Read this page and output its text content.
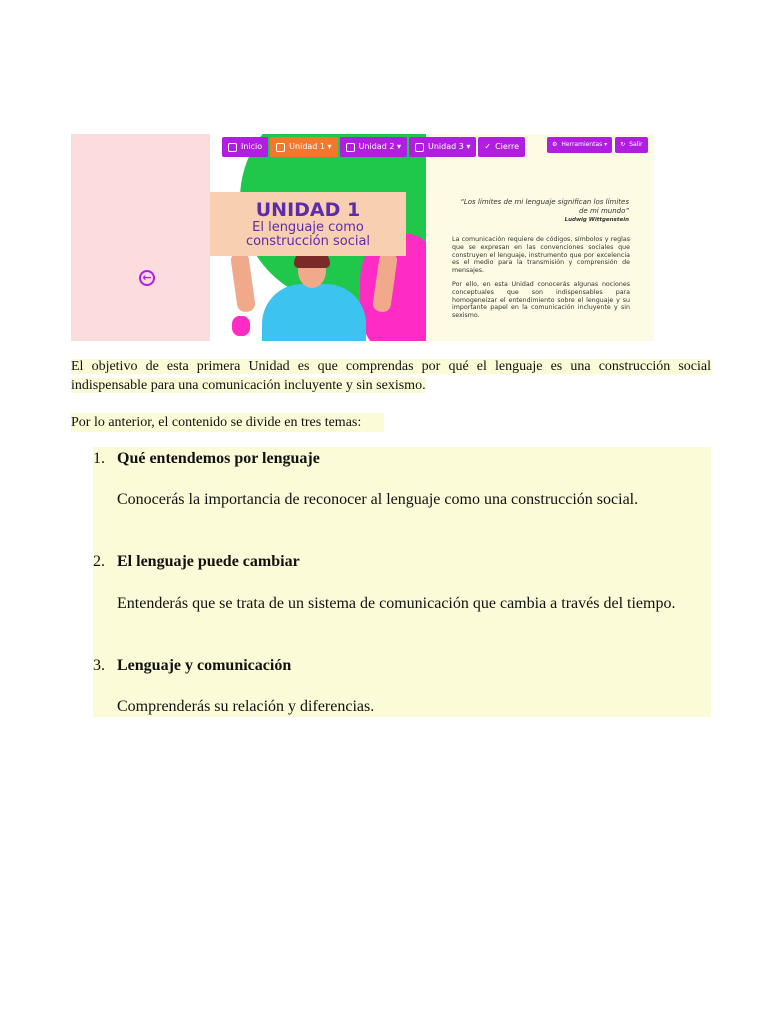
←
UNIDAD 1
El lenguaje como
construcción social
Inicio	Unidad 1 ▾	Unidad 2 ▾	Unidad 3 ▾ ✓ Cierre	⚙ Herramientas ▾ ↻ Salir
“Los límites de mi lenguaje significan los límites de mi mundo”
Ludwig Wittgenstein

La comunicación requiere de códigos, símbolos y reglas que se expresan en las convenciones sociales que construyen el lenguaje, instrumento que por excelencia es el medio para la transmisión y comprensión de mensajes.

Por ello, en esta Unidad conocerás algunas nociones conceptuales que son indispensables para homogeneizar el entendimiento sobre el lenguaje y su importante papel en la comunicación incluyente y sin sexismo.

El objetivo de esta primera Unidad es que comprendas por qué el lenguaje es una construcción social indispensable para una comunicación incluyente y sin sexismo.

Por lo anterior, el contenido se divide en tres temas:

1. Qué entendemos por lenguaje

Conocerás la importancia de reconocer al lenguaje como una construcción social.

2. El lenguaje puede cambiar

Entenderás que se trata de un sistema de comunicación que cambia a través del tiempo.

3. Lenguaje y comunicación

Comprenderás su relación y diferencias.
